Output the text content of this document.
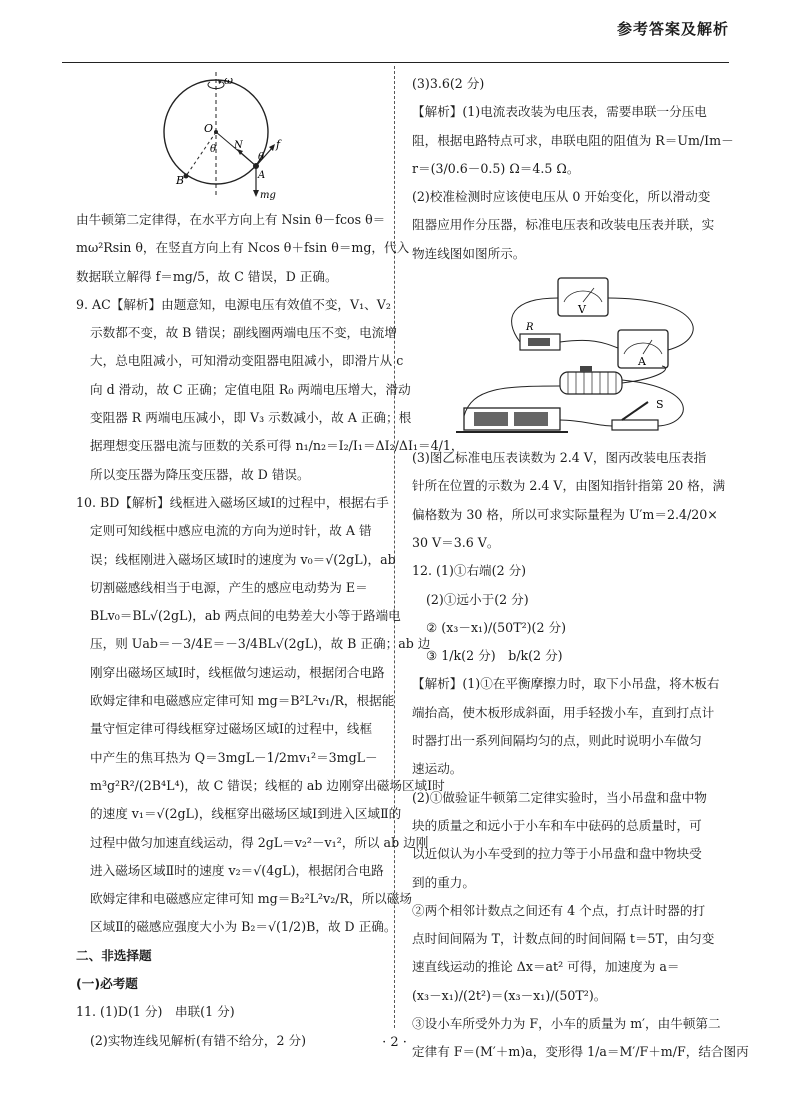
参考答案及解析
ω
O
θ N
θ
f
A
B
mg
由牛顿第二定律得，在水平方向上有 Nsin θ－fcos θ＝
mω²Rsin θ，在竖直方向上有 Ncos θ＋fsin θ＝mg，代入
数据联立解得 f＝mg/5，故 C 错误，D 正确。
9. AC【解析】由题意知，电源电压有效值不变，V₁、V₂
示数都不变，故 B 错误；副线圈两端电压不变，电流增
大，总电阻减小，可知滑动变阻器电阻减小，即滑片从 c
向 d 滑动，故 C 正确；定值电阻 R₀ 两端电压增大，滑动
变阻器 R 两端电压减小，即 V₃ 示数减小，故 A 正确；根
据理想变压器电流与匝数的关系可得 n₁/n₂＝I₂/I₁＝ΔI₂/ΔI₁＝4/1，
所以变压器为降压变压器，故 D 错误。
10. BD【解析】线框进入磁场区域Ⅰ的过程中，根据右手
定则可知线框中感应电流的方向为逆时针，故 A 错
误；线框刚进入磁场区域Ⅰ时的速度为 v₀＝√(2gL)，ab
切割磁感线相当于电源，产生的感应电动势为 E＝
BLv₀＝BL√(2gL)，ab 两点间的电势差大小等于路端电
压，则 Uab＝－3/4E＝－3/4BL√(2gL)，故 B 正确；ab 边
刚穿出磁场区域Ⅰ时，线框做匀速运动，根据闭合电路
欧姆定律和电磁感应定律可知 mg＝B²L²v₁/R，根据能
量守恒定律可得线框穿过磁场区域Ⅰ的过程中，线框
中产生的焦耳热为 Q＝3mgL－1/2mv₁²＝3mgL－
m³g²R²/(2B⁴L⁴)，故 C 错误；线框的 ab 边刚穿出磁场区域Ⅰ时
的速度 v₁＝√(2gL)，线框穿出磁场区域Ⅰ到进入区域Ⅱ的
过程中做匀加速直线运动，得 2gL＝v₂²－v₁²，所以 ab 边刚
进入磁场区域Ⅱ时的速度 v₂＝√(4gL)，根据闭合电路
欧姆定律和电磁感应定律可知 mg＝B₂²L²v₂/R，所以磁场
区域Ⅱ的磁感应强度大小为 B₂＝√(1/2)B，故 D 正确。
二、非选择题
(一)必考题
11. (1)D(1 分)　串联(1 分)
(2)实物连线见解析(有错不给分，2 分)
(3)3.6(2 分)
【解析】(1)电流表改装为电压表，需要串联一分压电
阻，根据电路特点可求，串联电阻的阻值为 R＝Um/Im－
r＝(3/0.6－0.5) Ω＝4.5 Ω。
(2)校准检测时应该使电压从 0 开始变化，所以滑动变
阻器应用作分压器，标准电压表和改装电压表并联，实
物连线图如图所示。
V
A
R
S
(3)图乙标准电压表读数为 2.4 V，图丙改装电压表指
针所在位置的示数为 2.4 V，由图知指针指第 20 格，满
偏格数为 30 格，所以可求实际量程为 U′m＝2.4/20×
30 V＝3.6 V。
12. (1)①右端(2 分)
(2)①远小于(2 分)
② (x₃－x₁)/(50T²)(2 分)
③ 1/k(2 分)　b/k(2 分)
【解析】(1)①在平衡摩擦力时，取下小吊盘，将木板右
端抬高，使木板形成斜面，用手轻拨小车，直到打点计
时器打出一系列间隔均匀的点，则此时说明小车做匀
速运动。
(2)①做验证牛顿第二定律实验时，当小吊盘和盘中物
块的质量之和远小于小车和车中砝码的总质量时，可
以近似认为小车受到的拉力等于小吊盘和盘中物块受
到的重力。
②两个相邻计数点之间还有 4 个点，打点计时器的打
点时间间隔为 T，计数点间的时间间隔 t＝5T，由匀变
速直线运动的推论 Δx＝at² 可得，加速度为 a＝
(x₃－x₁)/(2t²)＝(x₃－x₁)/(50T²)。
③设小车所受外力为 F，小车的质量为 m′，由牛顿第二
定律有 F＝(M′＋m)a，变形得 1/a＝M′/F＋m/F，结合图丙
· 2 ·
